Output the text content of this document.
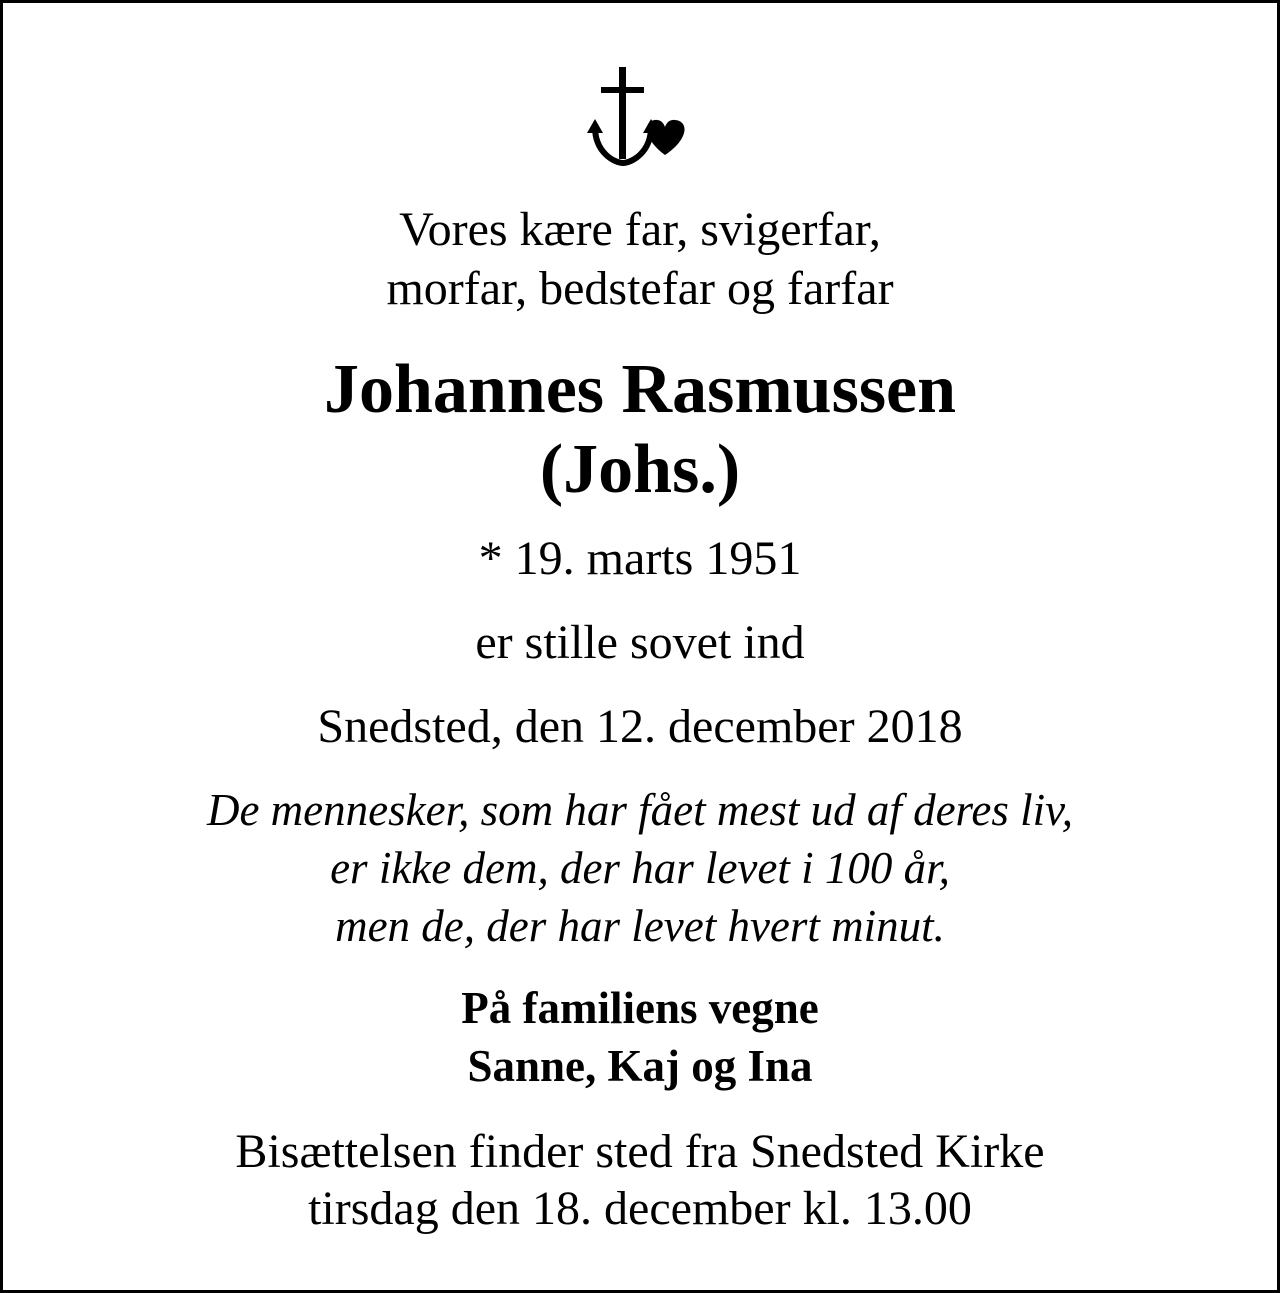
Vores kære far, svigerfar,
morfar, bedstefar og farfar
Johannes Rasmussen
(Johs.)
* 19. marts 1951
er stille sovet ind
Snedsted, den 12. december 2018
De mennesker, som har fået mest ud af deres liv,
er ikke dem, der har levet i 100 år,
men de, der har levet hvert minut.
På familiens vegne
Sanne, Kaj og Ina
Bisættelsen finder sted fra Snedsted Kirke
tirsdag den 18. december kl. 13.00
